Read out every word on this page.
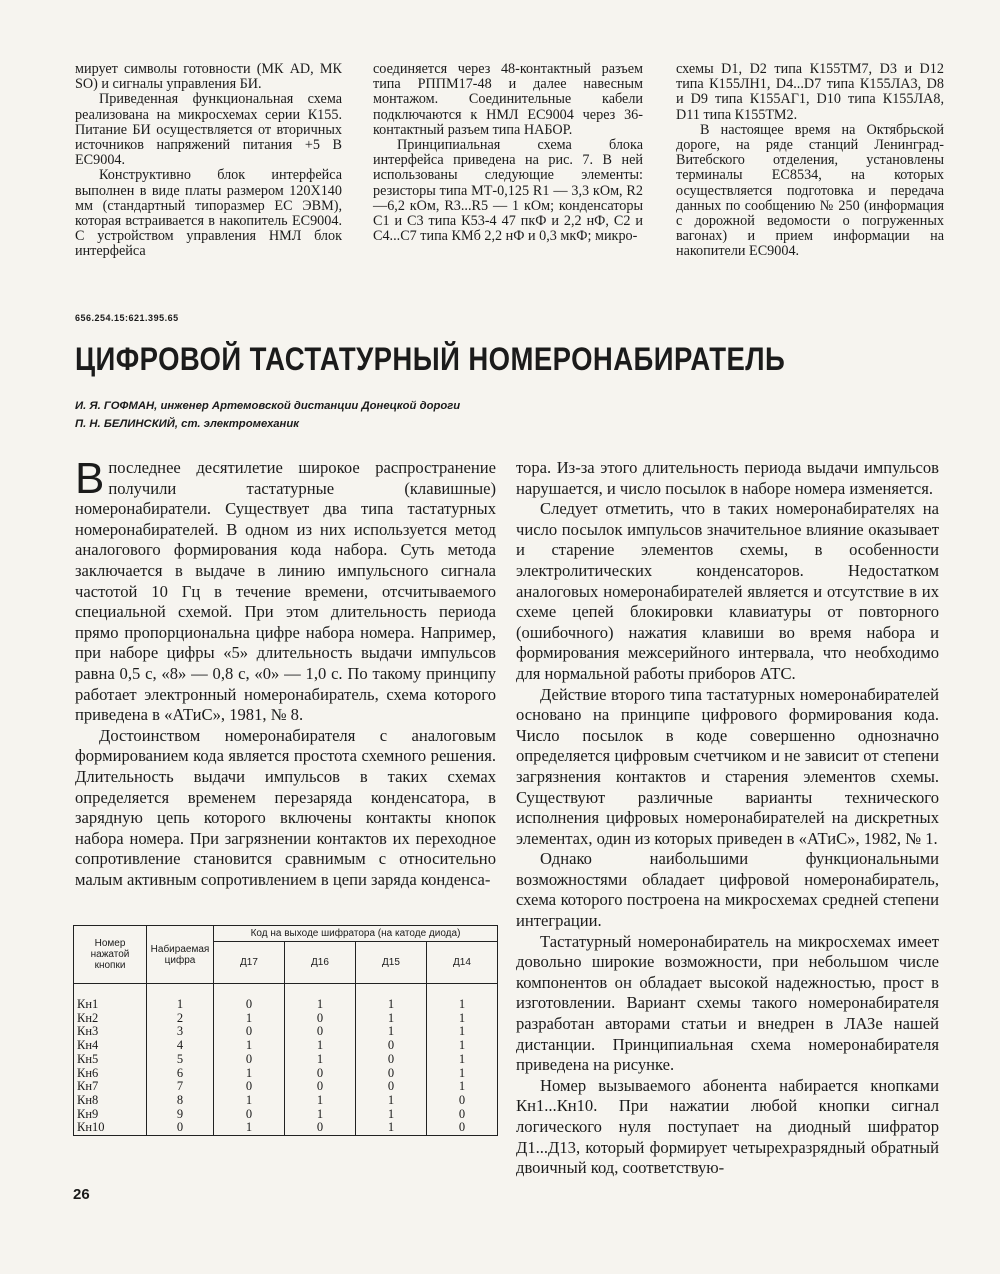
мирует символы готовности (МК AD, МК SO) и сигналы управления БИ.

Приведенная функциональная схема реализована на микросхемах серии К155. Питание БИ осуществляется от вторичных источников напряжений питания +5 В ЕС9004.

Конструктивно блок интерфейса выполнен в виде платы размером 120Х140 мм (стандартный типоразмер ЕС ЭВМ), которая встраивается в накопитель ЕС9004. С устройством управления НМЛ блок интерфейса

соединяется через 48-контактный разъем типа РППМ17-48 и далее навесным монтажом. Соединительные кабели подключаются к НМЛ ЕС9004 через 36-контактный разъем типа НАБОР.

Принципиальная схема блока интерфейса приведена на рис. 7. В ней использованы следующие элементы: резисторы типа МТ-0,125 R1 — 3,3 кОм, R2—6,2 кОм, R3...R5 — 1 кОм; конденсаторы С1 и С3 типа К53-4 47 пкФ и 2,2 нФ, С2 и С4...С7 типа КМб 2,2 нФ и 0,3 мкФ; микро-

схемы D1, D2 типа К155ТМ7, D3 и D12 типа К155ЛН1, D4...D7 типа К155ЛА3, D8 и D9 типа К155АГ1, D10 типа К155ЛА8, D11 типа К155ТМ2.

В настоящее время на Октябрьской дороге, на ряде станций Ленинград-Витебского отделения, установлены терминалы ЕС8534, на которых осуществляется подготовка и передача данных по сообщению № 250 (информация с дорожной ведомости о погруженных вагонах) и прием информации на накопители ЕС9004.

656.254.15:621.395.65
ЦИФРОВОЙ ТАСТАТУРНЫЙ НОМЕРОНАБИРАТЕЛЬ
И. Я. ГОФМАН, инженер Артемовской дистанции Донецкой дороги
П. Н. БЕЛИНСКИЙ, ст. электромеханик

Впоследнее десятилетие широкое распространение получили тастатурные (клавишные) номеронабиратели. Существует два типа тастатурных номеронабирателей. В одном из них используется метод аналогового формирования кода набора. Суть метода заключается в выдаче в линию импульсного сигнала частотой 10 Гц в течение времени, отсчитываемого специальной схемой. При этом длительность периода прямо пропорциональна цифре набора номера. Например, при наборе цифры «5» длительность выдачи импульсов равна 0,5 с, «8» — 0,8 с, «0» — 1,0 с. По такому принципу работает электронный номеронабиратель, схема которого приведена в «АТиС», 1981, № 8.

Достоинством номеронабирателя с аналоговым формированием кода является простота схемного решения. Длительность выдачи импульсов в таких схемах определяется временем перезаряда конденсатора, в зарядную цепь которого включены контакты кнопок набора номера. При загрязнении контактов их переходное сопротивление становится сравнимым с относительно малым активным сопротивлением в цепи заряда конденса-

Номер нажатой кнопки	Набираемая цифра	Код на выходе шифратора (на катоде диода)			
		Д17	Д16	Д15	Д14
Кн1	1	0	1	1	1
Кн2	2	1	0	1	1
Кн3	3	0	0	1	1
Кн4	4	1	1	0	1
Кн5	5	0	1	0	1
Кн6	6	1	0	0	1
Кн7	7	0	0	0	1
Кн8	8	1	1	1	0
Кн9	9	0	1	1	0
Кн10	0	1	0	1	0

тора. Из-за этого длительность периода выдачи импульсов нарушается, и число посылок в наборе номера изменяется.

Следует отметить, что в таких номеронабирателях на число посылок импульсов значительное влияние оказывает и старение элементов схемы, в особенности электролитических конденсаторов. Недостатком аналоговых номеронабирателей является и отсутствие в их схеме цепей блокировки клавиатуры от повторного (ошибочного) нажатия клавиши во время набора и формирования межсерийного интервала, что необходимо для нормальной работы приборов АТС.

Действие второго типа тастатурных номеронабирателей основано на принципе цифрового формирования кода. Число посылок в коде совершенно однозначно определяется цифровым счетчиком и не зависит от степени загрязнения контактов и старения элементов схемы. Существуют различные варианты технического исполнения цифровых номеронабирателей на дискретных элементах, один из которых приведен в «АТиС», 1982, № 1.

Однако наибольшими функциональными возможностями обладает цифровой номеронабиратель, схема которого построена на микросхемах средней степени интеграции.

Тастатурный номеронабиратель на микросхемах имеет довольно широкие возможности, при небольшом числе компонентов он обладает высокой надежностью, прост в изготовлении. Вариант схемы такого номеронабирателя разработан авторами статьи и внедрен в ЛАЗе нашей дистанции. Принципиальная схема номеронабирателя приведена на рисунке.

Номер вызываемого абонента набирается кнопками Кн1...Кн10. При нажатии любой кнопки сигнал логического нуля поступает на диодный шифратор Д1...Д13, который формирует четырехразрядный обратный двоичный код, соответствую-

26
